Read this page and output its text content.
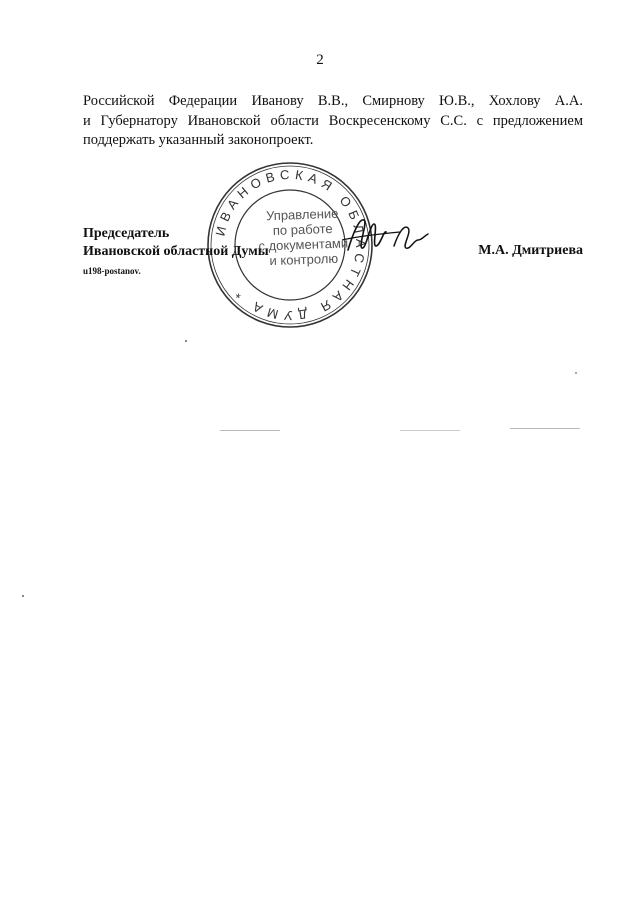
2
Российской Федерации Иванову В.В., Смирнову Ю.В., Хохлову А.А.
и Губернатору Ивановской области Воскресенскому С.С. с предложением
поддержать указанный законопроект.
ИВАНОВСКАЯ ОБЛАСТНАЯ ДУМА *
Управление
по работе
с документами
и контролю
Председатель
Ивановской областной Думы	М.А. Дмитриева
u198-postanov.
